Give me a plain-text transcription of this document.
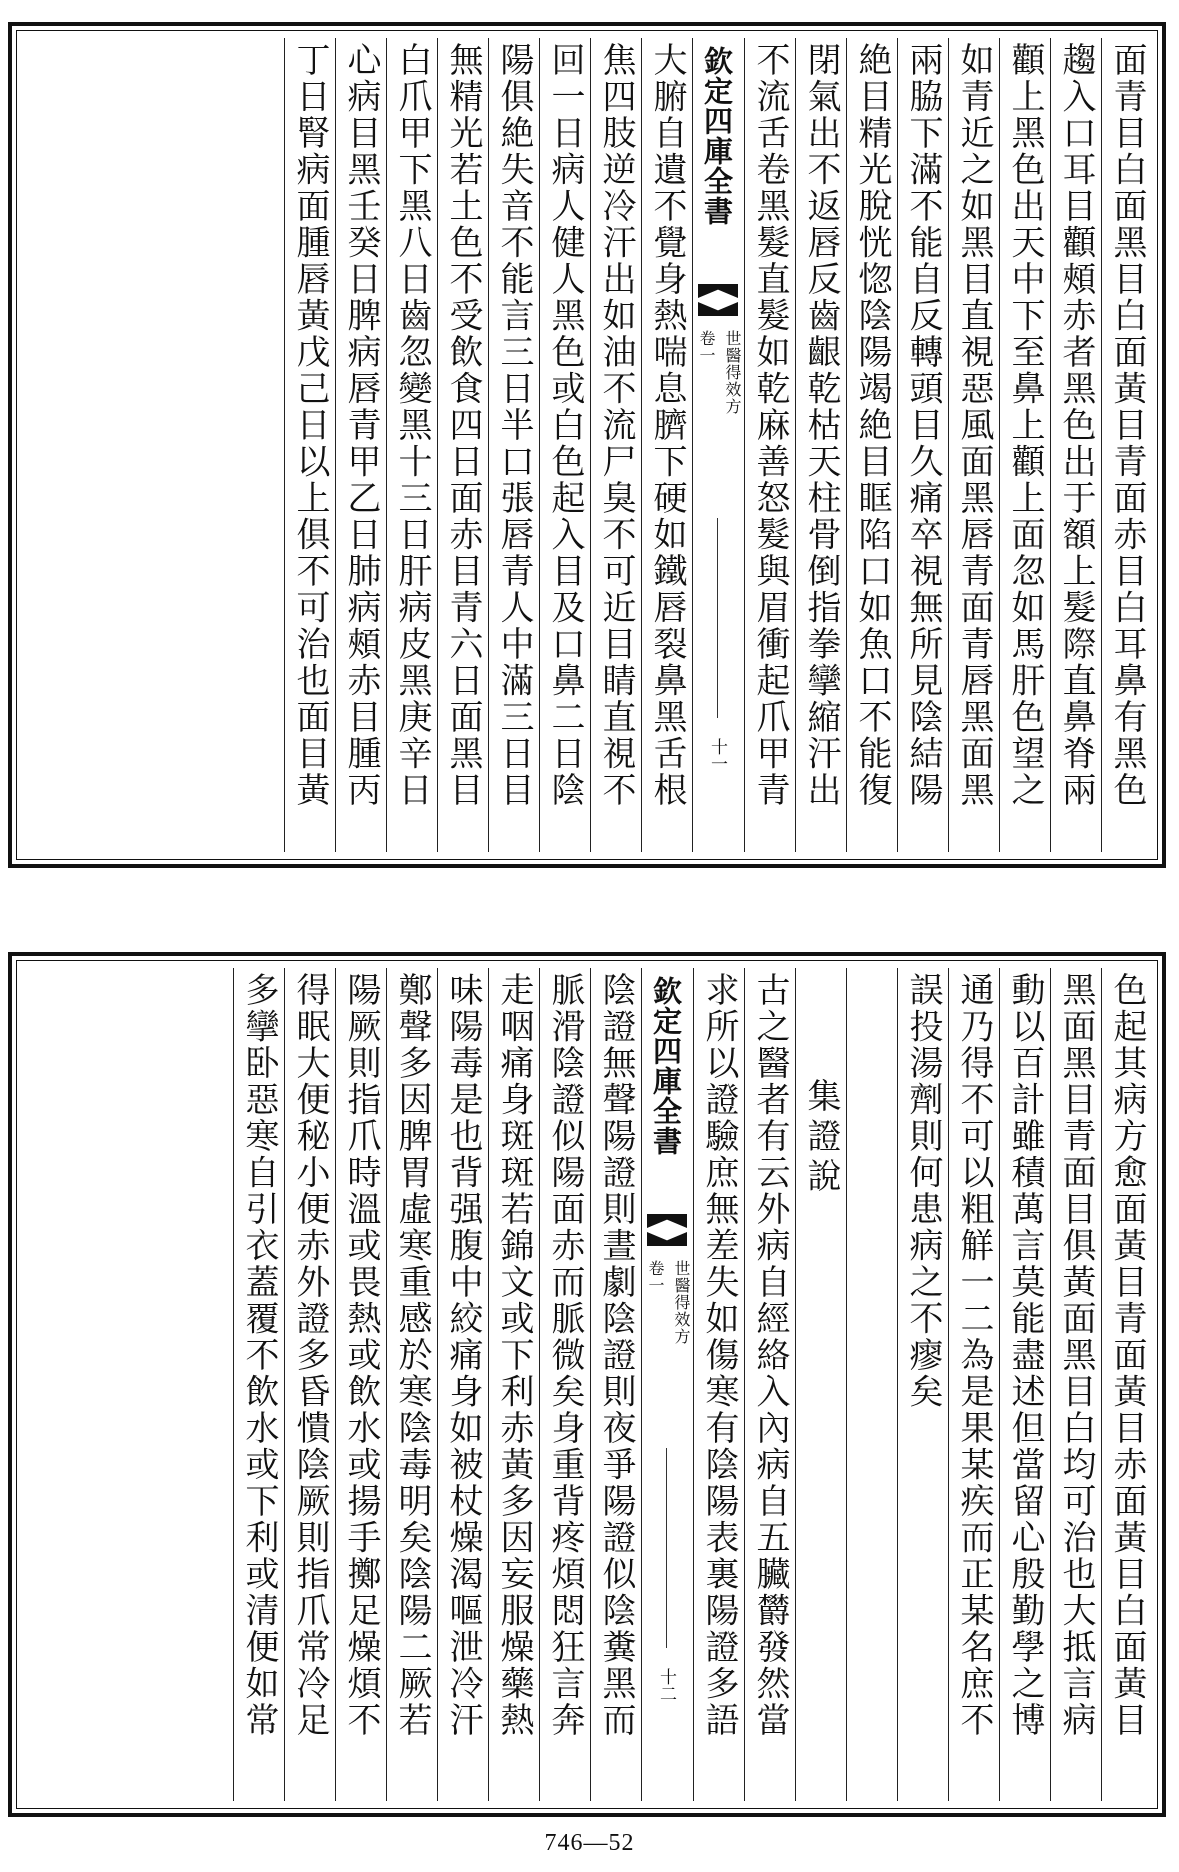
面青目白面黑目白面黃目青面赤目白耳鼻有黑色
趨入口耳目顴頰赤者黑色出于額上髮際直鼻脊兩
顴上黑色出天中下至鼻上顴上面忽如馬肝色望之
如青近之如黑目直視惡風面黑唇青面青唇黑面黑
兩脇下滿不能自反轉頭目久痛卒視無所見陰結陽
絶目精光脫恍惚陰陽竭絶目眶陷口如魚口不能復
閉氣出不返唇反齒齦乾枯天柱骨倒指拳攣縮汗出
不流舌卷黑髮直髮如乾麻善怒髮與眉衝起爪甲青
欽定四庫全書
世醫得效方
卷一
十一
大腑自遺不覺身熱喘息臍下硬如鐵唇裂鼻黑舌根
焦四肢逆冷汗出如油不流尸臭不可近目睛直視不
回一日病人健人黑色或白色起入目及口鼻二日陰
陽俱絶失音不能言三日半口張唇青人中滿三日目
無精光若土色不受飲食四日面赤目青六日面黑目
白爪甲下黑八日齒忽變黑十三日肝病皮黑庚辛日
心病目黑壬癸日脾病唇青甲乙日肺病頰赤目腫丙
丁日腎病面腫唇黃戊己日以上俱不可治也面目黃
色起其病方愈面黃目青面黃目赤面黃目白面黃目
黑面黑目青面目俱黃面黑目白均可治也大抵言病
動以百計雖積萬言莫能盡述但當留心殷勤學之博
通乃得不可以粗觧一二為是果某疾而正某名庶不
誤投湯劑則何患病之不瘳矣
集證說
古之醫者有云外病自經絡入內病自五臟欝發然當
求所以證驗庶無差失如傷寒有陰陽表裏陽證多語
欽定四庫全書
世醫得效方
卷一
十二
陰證無聲陽證則晝劇陰證則夜爭陽證似陰糞黑而
脈滑陰證似陽面赤而脈微矣身重背疼煩悶狂言奔
走咽痛身斑斑若錦文或下利赤黃多因妄服燥藥熱
味陽毒是也背强腹中絞痛身如被杖燥渴嘔泄冷汗
鄭聲多因脾胃虛寒重感於寒陰毒明矣陰陽二厥若
陽厥則指爪時溫或畏熱或飲水或揚手擲足燥煩不
得眠大便秘小便赤外證多昏憒陰厥則指爪常冷足
多攣卧惡寒自引衣蓋覆不飲水或下利或清便如常
746—52
